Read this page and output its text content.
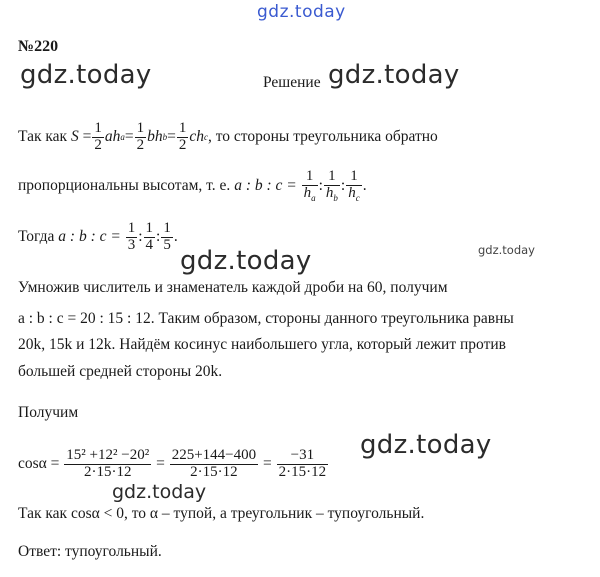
gdz.today
gdz.today	gdz.today
gdz.today
gdz.today
gdz.today
gdz.today
№220
Решение
Так как
S
= $\frac{1}{2}$ a h $a = \frac{1}{2}$ b h $b = \frac{1}{2}$ c h c , то стороны треугольника обратно
пропорциональны высотам, т. е.
a : b : c =
$\frac{1}{h_a}$ :
1
$h_b$
:
1
$h_c$
.
Тогда
a : b : c =
$\frac{1}{3}$ :
1
4 :
1
5 .
Умножив числитель и знаменатель каждой дроби на 60, получим
a : b : c = 20 : 15 : 12. Таким образом, стороны данного треугольника равны
20k, 15k и 12k. Найдём косинус наибольшего угла, который лежит против
большей средней стороны 20k.
Получим
cosα
=
$\frac{\text{15² +12² −20²}}{2\cdot 15\cdot 12}$
=
$\frac{225+144-400}{2\cdot 15\cdot 12}$
=
$\frac{-31}{2\cdot 15\cdot 12}$
Так как cosα < 0, то α – тупой, а треугольник – тупоугольный.
Ответ: тупоугольный.
